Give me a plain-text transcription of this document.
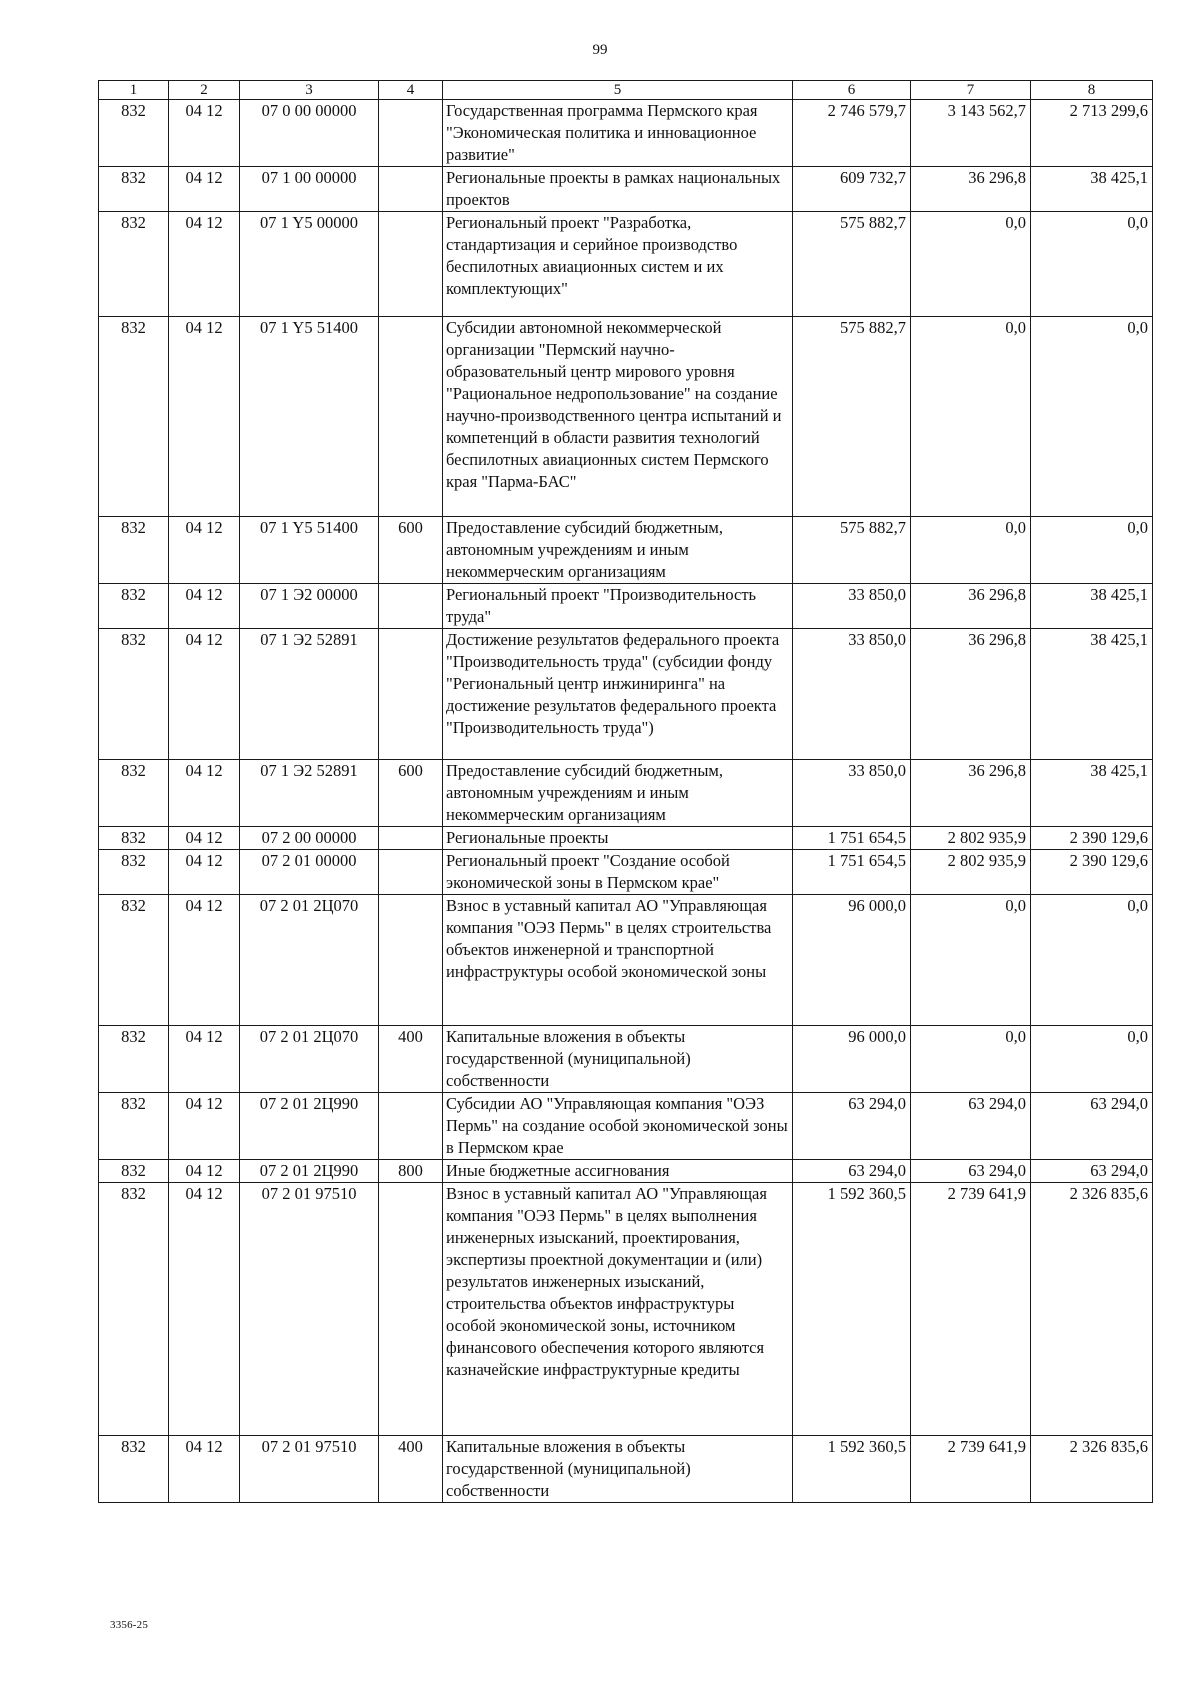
99
1	2	3	4	5	6	7	8
832	04 12	07 0 00 00000		Государственная программа Пермского края "Экономическая политика и инновационное развитие"	2 746 579,7	3 143 562,7	2 713 299,6
832	04 12	07 1 00 00000		Региональные проекты в рамках национальных проектов	609 732,7	36 296,8	38 425,1
832	04 12	07 1 Y5 00000		Региональный проект "Разработка, стандартизация и серийное производство беспилотных авиационных систем и их комплектующих"	575 882,7	0,0	0,0
832	04 12	07 1 Y5 51400		Субсидии автономной некоммерческой организации "Пермский научно-образовательный центр мирового уровня "Рациональное недропользование" на создание научно-производственного центра испытаний и компетенций в области развития технологий беспилотных авиационных систем Пермского края "Парма-БАС"	575 882,7	0,0	0,0
832	04 12	07 1 Y5 51400	600	Предоставление субсидий бюджетным, автономным учреждениям и иным некоммерческим организациям	575 882,7	0,0	0,0
832	04 12	07 1 Э2 00000		Региональный проект "Производительность труда"	33 850,0	36 296,8	38 425,1
832	04 12	07 1 Э2 52891		Достижение результатов федерального проекта "Производительность труда" (субсидии фонду "Региональный центр инжиниринга" на достижение результатов федерального проекта "Производительность труда")	33 850,0	36 296,8	38 425,1
832	04 12	07 1 Э2 52891	600	Предоставление субсидий бюджетным, автономным учреждениям и иным некоммерческим организациям	33 850,0	36 296,8	38 425,1
832	04 12	07 2 00 00000		Региональные проекты	1 751 654,5	2 802 935,9	2 390 129,6
832	04 12	07 2 01 00000		Региональный проект "Создание особой экономической зоны в Пермском крае"	1 751 654,5	2 802 935,9	2 390 129,6
832	04 12	07 2 01 2Ц070		Взнос в уставный капитал АО "Управляющая компания "ОЭЗ Пермь" в целях строительства объектов инженерной и транспортной инфраструктуры особой экономической зоны	96 000,0	0,0	0,0
832	04 12	07 2 01 2Ц070	400	Капитальные вложения в объекты государственной (муниципальной) собственности	96 000,0	0,0	0,0
832	04 12	07 2 01 2Ц990		Субсидии АО "Управляющая компания "ОЭЗ Пермь" на создание особой экономической зоны в Пермском крае	63 294,0	63 294,0	63 294,0
832	04 12	07 2 01 2Ц990	800	Иные бюджетные ассигнования	63 294,0	63 294,0	63 294,0
832	04 12	07 2 01 97510		Взнос в уставный капитал АО "Управляющая компания "ОЭЗ Пермь" в целях выполнения инженерных изысканий, проектирования, экспертизы проектной документации и (или) результатов инженерных изысканий, строительства объектов инфраструктуры особой экономической зоны, источником финансового обеспечения которого являются казначейские инфраструктурные кредиты	1 592 360,5	2 739 641,9	2 326 835,6
832	04 12	07 2 01 97510	400	Капитальные вложения в объекты государственной (муниципальной) собственности	1 592 360,5	2 739 641,9	2 326 835,6
3356-25
